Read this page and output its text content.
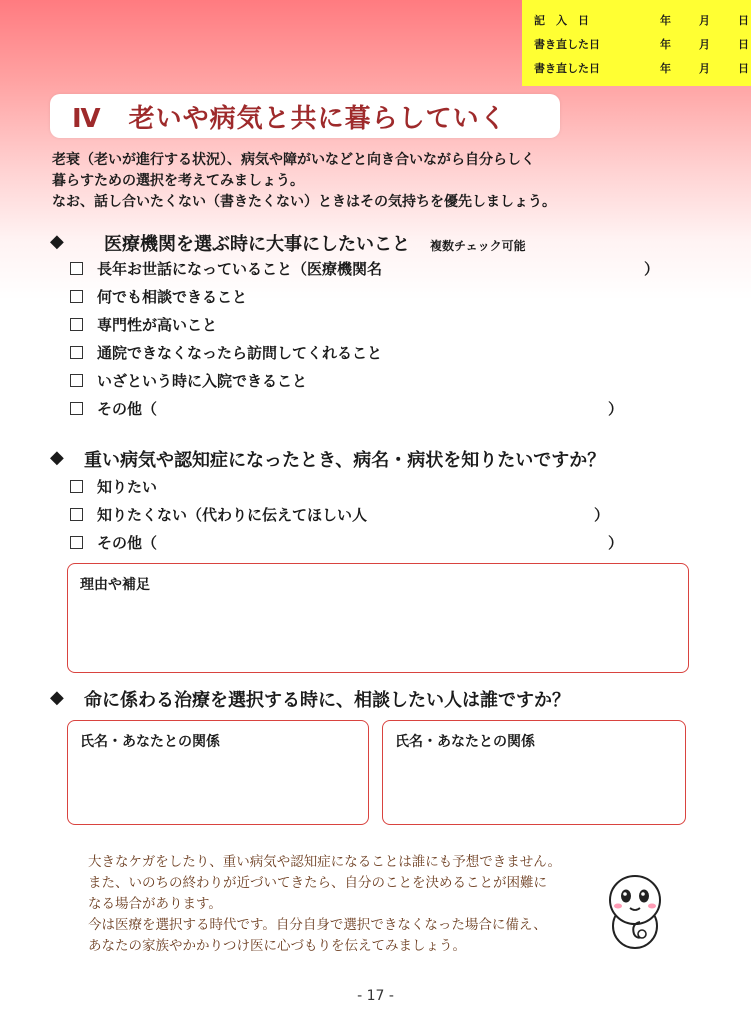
記　入　日	年	月	日
書き直した日	年	月	日
書き直した日	年	月	日
Ⅳ　老いや病気と共に暮らしていく
老衰（老いが進行する状況）、病気や障がいなどと向き合いながら自分らしく
暮らすための選択を考えてみましょう。
なお、話し合いたくない（書きたくない）ときはその気持ちを優先しましょう。
◆ 医療機関を選ぶ時に大事にしたいこと 複数チェック可能
長年お世話になっていること（医療機関名	）
何でも相談できること
専門性が高いこと
通院できなくなったら訪問してくれること
いざという時に入院できること
その他（	）
◆ 重い病気や認知症になったとき、病名・病状を知りたいですか？
知りたい
知りたくない（代わりに伝えてほしい人	）
その他（	）
理由や補足
◆ 命に係わる治療を選択する時に、相談したい人は誰ですか？
氏名・あなたとの関係	氏名・あなたとの関係
大きなケガをしたり、重い病気や認知症になることは誰にも予想できません。
また、いのちの終わりが近づいてきたら、自分のことを決めることが困難に
なる場合があります。
今は医療を選択する時代です。自分自身で選択できなくなった場合に備え、
あなたの家族やかかりつけ医に心づもりを伝えてみましょう。
- 17 -
